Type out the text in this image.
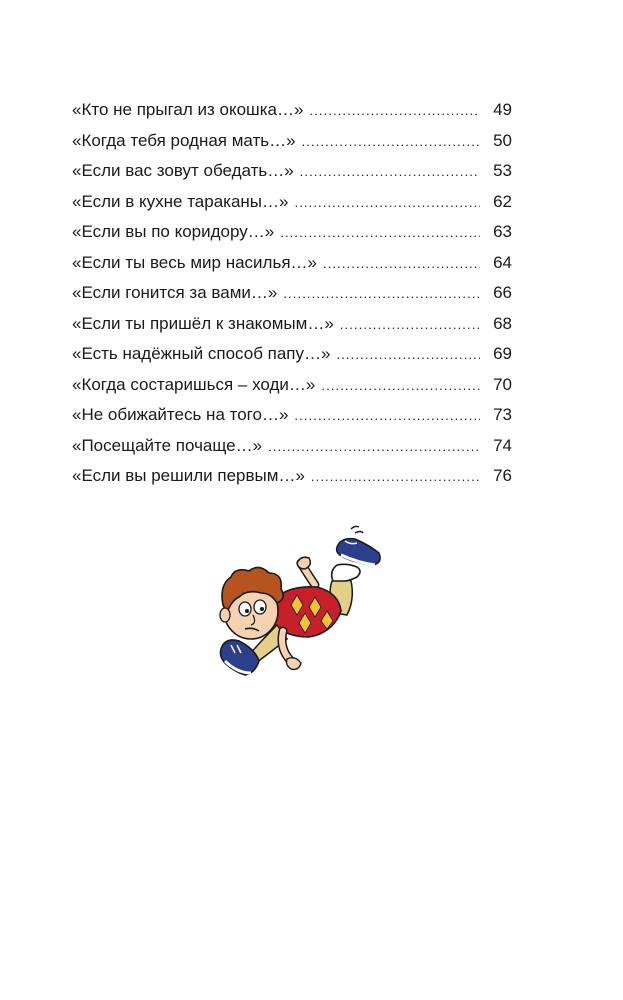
«Кто не прыгал из окошка…» .....	49
«Когда тебя родная мать…» .....	50
«Если вас зовут обедать…» .....	53
«Если в кухне тараканы…» .....	62
«Если вы по коридору…» .....	63
«Если ты весь мир насилья…» .....	64
«Если гонится за вами…» .....	66
«Если ты пришёл к знакомым…» .....	68
«Есть надёжный способ папу…» .....	69
«Когда состаришься – ходи…» .....	70
«Не обижайтесь на того…» .....	73
«Посещайте почаще…» .....	74
«Если вы решили первым…» .....	76
